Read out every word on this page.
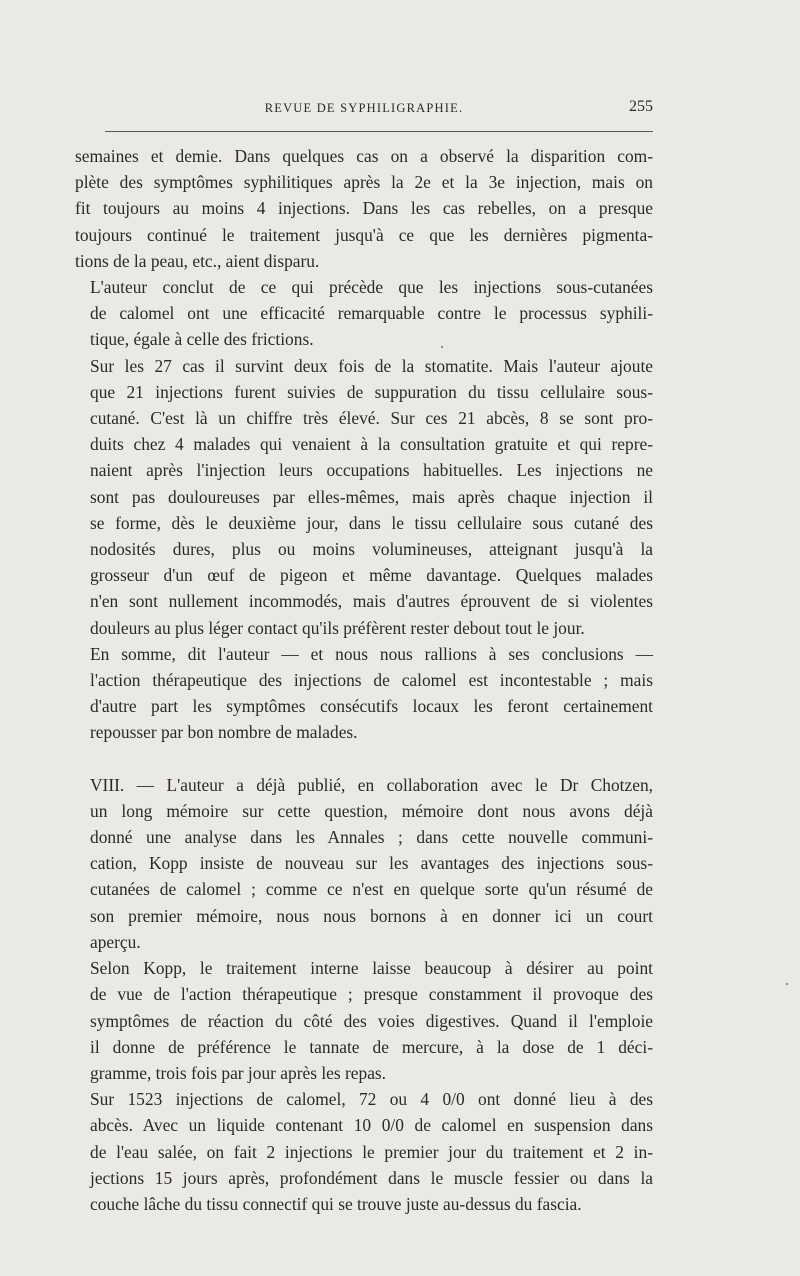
REVUE DE SYPHILIGRAPHIE.	255

semaines et demie. Dans quelques cas on a observé la disparition com-
plète des symptômes syphilitiques après la 2e et la 3e injection, mais on
fit toujours au moins 4 injections. Dans les cas rebelles, on a presque
toujours continué le traitement jusqu'à ce que les dernières pigmenta-
tions de la peau, etc., aient disparu.

L'auteur conclut de ce qui précède que les injections sous-cutanées
de calomel ont une efficacité remarquable contre le processus syphili-
tique, égale à celle des frictions.

Sur les 27 cas il survint deux fois de la stomatite. Mais l'auteur ajoute
que 21 injections furent suivies de suppuration du tissu cellulaire sous-
cutané. C'est là un chiffre très élevé. Sur ces 21 abcès, 8 se sont pro-
duits chez 4 malades qui venaient à la consultation gratuite et qui repre-
naient après l'injection leurs occupations habituelles. Les injections ne
sont pas douloureuses par elles-mêmes, mais après chaque injection il
se forme, dès le deuxième jour, dans le tissu cellulaire sous cutané des
nodosités dures, plus ou moins volumineuses, atteignant jusqu'à la
grosseur d'un œuf de pigeon et même davantage. Quelques malades
n'en sont nullement incommodés, mais d'autres éprouvent de si violentes
douleurs au plus léger contact qu'ils préfèrent rester debout tout le jour.

En somme, dit l'auteur — et nous nous rallions à ses conclusions —
l'action thérapeutique des injections de calomel est incontestable ; mais
d'autre part les symptômes consécutifs locaux les feront certainement
repousser par bon nombre de malades.

VIII. — L'auteur a déjà publié, en collaboration avec le Dr Chotzen,
un long mémoire sur cette question, mémoire dont nous avons déjà
donné une analyse dans les Annales ; dans cette nouvelle communi-
cation, Kopp insiste de nouveau sur les avantages des injections sous-
cutanées de calomel ; comme ce n'est en quelque sorte qu'un résumé de
son premier mémoire, nous nous bornons à en donner ici un court
aperçu.

Selon Kopp, le traitement interne laisse beaucoup à désirer au point
de vue de l'action thérapeutique ; presque constamment il provoque des
symptômes de réaction du côté des voies digestives. Quand il l'emploie
il donne de préférence le tannate de mercure, à la dose de 1 déci-
gramme, trois fois par jour après les repas.

Sur 1523 injections de calomel, 72 ou 4 0/0 ont donné lieu à des
abcès. Avec un liquide contenant 10 0/0 de calomel en suspension dans
de l'eau salée, on fait 2 injections le premier jour du traitement et 2 in-
jections 15 jours après, profondément dans le muscle fessier ou dans la
couche lâche du tissu connectif qui se trouve juste au-dessus du fascia.
